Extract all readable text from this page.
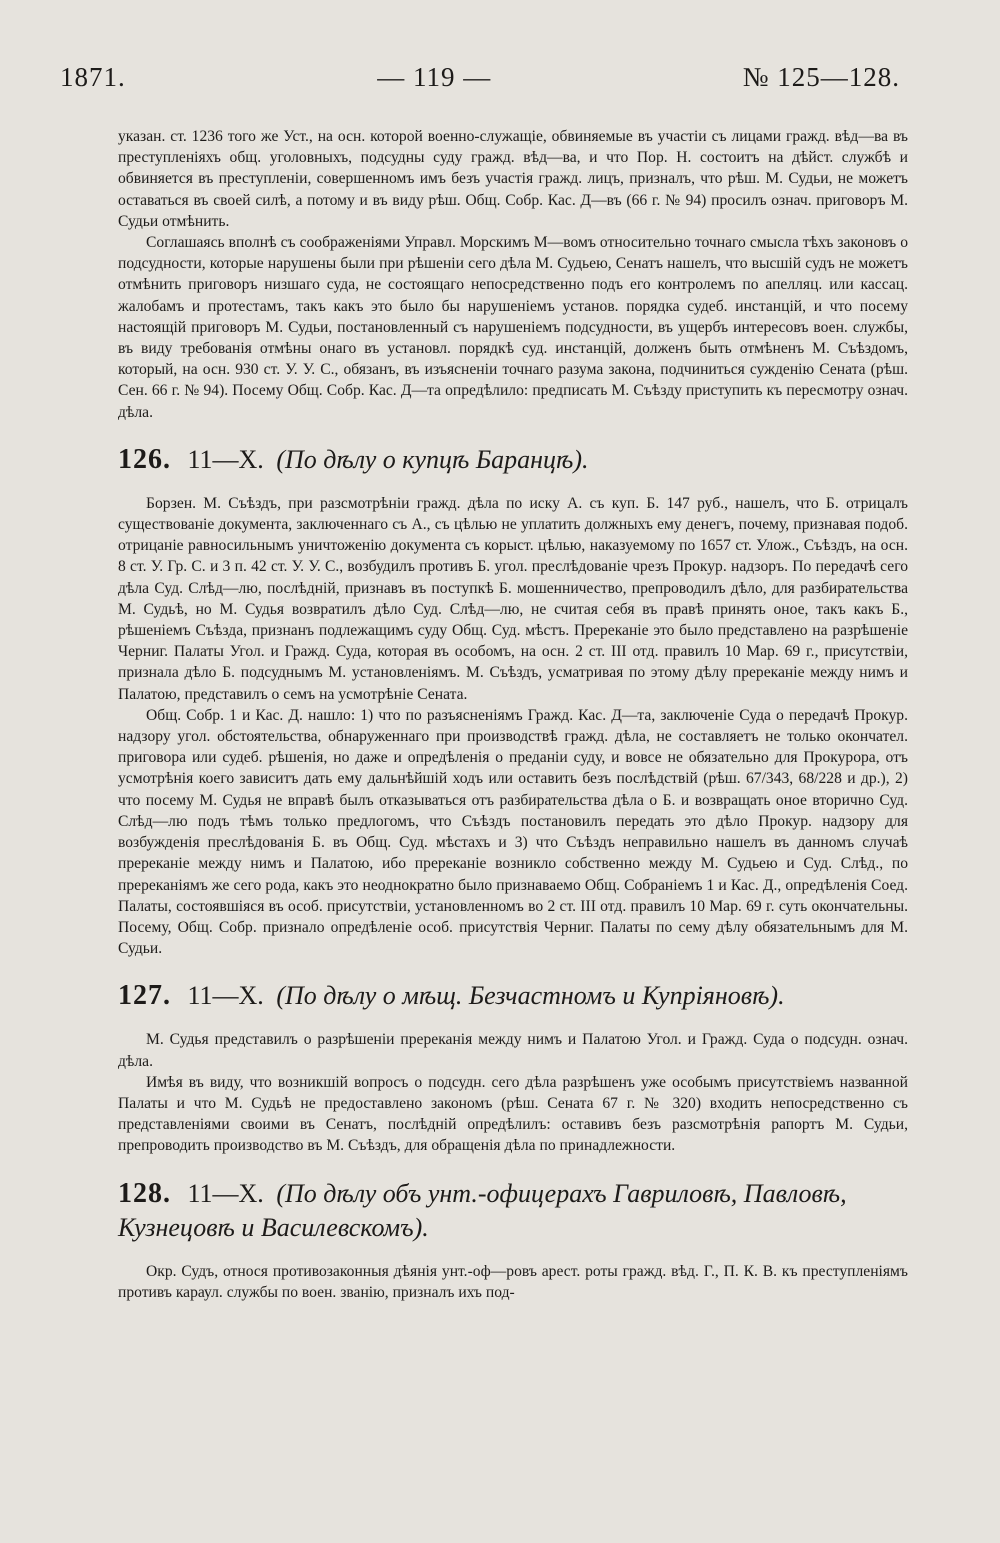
1871.	— 119 —	№ 125—128.

указан. ст. 1236 того же Уст., на осн. которой военно-служащіе, обвиняемые въ участіи съ лицами гражд. вѣд—ва въ преступленіяхъ общ. уголовныхъ, подсудны суду гражд. вѣд—ва, и что Пор. Н. состоитъ на дѣйст. службѣ и обвиняется въ преступленіи, совершенномъ имъ безъ участія гражд. лицъ, призналъ, что рѣш. М. Судьи, не можетъ оставаться въ своей силѣ, а потому и въ виду рѣш. Общ. Собр. Кас. Д—въ (66 г. № 94) просилъ означ. приговоръ М. Судьи отмѣнить.

Соглашаясь вполнѣ съ соображеніями Управл. Морскимъ М—вомъ относительно точнаго смысла тѣхъ законовъ о подсудности, которые нарушены были при рѣшеніи сего дѣла М. Судьею, Сенатъ нашелъ, что высшій судъ не можетъ отмѣнить приговоръ низшаго суда, не состоящаго непосредственно подъ его контролемъ по апелляц. или кассац. жалобамъ и протестамъ, такъ какъ это было бы нарушеніемъ установ. порядка судеб. инстанцій, и что посему настоящій приговоръ М. Судьи, постановленный съ нарушеніемъ подсудности, въ ущербъ интересовъ воен. службы, въ виду требованія отмѣны онаго въ установл. порядкѣ суд. инстанцій, долженъ быть отмѣненъ М. Съѣздомъ, который, на осн. 930 ст. У. У. С., обязанъ, въ изъясненіи точнаго разума закона, подчиниться сужденію Сената (рѣш. Сен. 66 г. № 94). Посему Общ. Собр. Кас. Д—та опредѣлило: предписать М. Съѣзду приступить къ пересмотру означ. дѣла.

126. 11—X. (По дѣлу о купцѣ Баранцѣ).

Борзен. М. Съѣздъ, при разсмотрѣніи гражд. дѣла по иску А. съ куп. Б. 147 руб., нашелъ, что Б. отрицалъ существованіе документа, заключеннаго съ А., съ цѣлью не уплатить должныхъ ему денегъ, почему, признавая подоб. отрицаніе равносильнымъ уничтоженію документа съ корыст. цѣлью, наказуемому по 1657 ст. Улож., Съѣздъ, на осн. 8 ст. У. Гр. С. и 3 п. 42 ст. У. У. С., возбудилъ противъ Б. угол. преслѣдованіе чрезъ Прокур. надзоръ. По передачѣ сего дѣла Суд. Слѣд—лю, послѣдній, признавъ въ поступкѣ Б. мошенничество, препроводилъ дѣло, для разбирательства М. Судьѣ, но М. Судья возвратилъ дѣло Суд. Слѣд—лю, не считая себя въ правѣ принять оное, такъ какъ Б., рѣшеніемъ Съѣзда, признанъ подлежащимъ суду Общ. Суд. мѣстъ. Пререканіе это было представлено на разрѣшеніе Черниг. Палаты Угол. и Гражд. Суда, которая въ особомъ, на осн. 2 ст. III отд. правилъ 10 Мар. 69 г., присутствіи, признала дѣло Б. подсуднымъ М. установленіямъ. М. Съѣздъ, усматривая по этому дѣлу пререканіе между нимъ и Палатою, представилъ о семъ на усмотрѣніе Сената.

Общ. Собр. 1 и Кас. Д. нашло: 1) что по разъясненіямъ Гражд. Кас. Д—та, заключеніе Суда о передачѣ Прокур. надзору угол. обстоятельства, обнаруженнаго при производствѣ гражд. дѣла, не составляетъ не только окончател. приговора или судеб. рѣшенія, но даже и опредѣленія о преданіи суду, и вовсе не обязательно для Прокурора, отъ усмотрѣнія коего зависитъ дать ему дальнѣйшій ходъ или оставить безъ послѣдствій (рѣш. 67/343, 68/228 и др.), 2) что посему М. Судья не вправѣ былъ отказываться отъ разбирательства дѣла о Б. и возвращать оное вторично Суд. Слѣд—лю подъ тѣмъ только предлогомъ, что Съѣздъ постановилъ передать это дѣло Прокур. надзору для возбужденія преслѣдованія Б. въ Общ. Суд. мѣстахъ и 3) что Съѣздъ неправильно нашелъ въ данномъ случаѣ пререканіе между нимъ и Палатою, ибо пререканіе возникло собственно между М. Судьею и Суд. Слѣд., по пререканіямъ же сего рода, какъ это неоднократно было признаваемо Общ. Собраніемъ 1 и Кас. Д., опредѣленія Соед. Палаты, состоявшіяся въ особ. присутствіи, установленномъ во 2 ст. III отд. правилъ 10 Мар. 69 г. суть окончательны. Посему, Общ. Собр. признало опредѣленіе особ. присутствія Черниг. Палаты по сему дѣлу обязательнымъ для М. Судьи.

127. 11—X. (По дѣлу о мѣщ. Безчастномъ и Купріяновѣ).

М. Судья представилъ о разрѣшеніи пререканія между нимъ и Палатою Угол. и Гражд. Суда о подсудн. означ. дѣла.

Имѣя въ виду, что возникшій вопросъ о подсудн. сего дѣла разрѣшенъ уже особымъ присутствіемъ названной Палаты и что М. Судьѣ не предоставлено закономъ (рѣш. Сената 67 г. № 320) входить непосредственно съ представленіями своими въ Сенатъ, послѣдній опредѣлилъ: оставивъ безъ разсмотрѣнія рапортъ М. Судьи, препроводить производство въ М. Съѣздъ, для обращенія дѣла по принадлежности.

128. 11—X. (По дѣлу объ унт.-офицерахъ Гавриловѣ, Павловѣ, Кузнецовѣ и Василевскомъ).

Окр. Судъ, относя противозаконныя дѣянія унт.-оф—ровъ арест. роты гражд. вѣд. Г., П. К. В. къ преступленіямъ противъ караул. службы по воен. званію, призналъ ихъ под-
